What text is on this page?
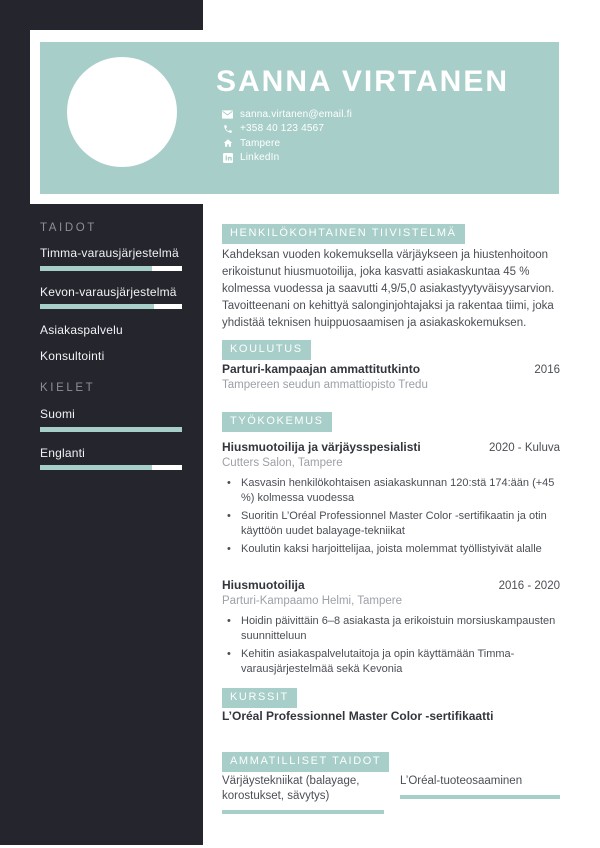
TAIDOT
Timma-varausjärjestelmä
Kevon-varausjärjestelmä
Asiakaspalvelu
Konsultointi
KIELET
Suomi
Englanti
SANNA VIRTANEN
sanna.virtanen@email.fi
+358 40 123 4567
Tampere
LinkedIn
HENKILÖKOHTAINEN TIIVISTELMÄ

Kahdeksan vuoden kokemuksella värjäykseen ja hiustenhoitoon erikoistunut hiusmuotoilija, joka kasvatti asiakaskuntaa 45 % kolmessa vuodessa ja saavutti 4,9/5,0 asiakastyytyväisyysarvion. Tavoitteenani on kehittyä salonginjohtajaksi ja rakentaa tiimi, joka yhdistää teknisen huippuosaamisen ja asiakaskokemuksen.

KOULUTUS
Parturi-kampaajan ammattitutkinto	2016
Tampereen seudun ammattiopisto Tredu
TYÖKOKEMUS
Hiusmuotoilija ja värjäysspesialisti	2020 - Kuluva
Cutters Salon, Tampere
• Kasvasin henkilökohtaisen asiakaskunnan 120:stä 174:ään (+45 %) kolmessa vuodessa
• Suoritin L’Oréal Professionnel Master Color -sertifikaatin ja otin käyttöön uudet balayage-tekniikat
• Koulutin kaksi harjoittelijaa, joista molemmat työllistyivät alalle
Hiusmuotoilija	2016 - 2020
Parturi-Kampaamo Helmi, Tampere
• Hoidin päivittäin 6–8 asiakasta ja erikoistuin morsiuskampausten suunnitteluun
• Kehitin asiakaspalvelutaitoja ja opin käyttämään Timma-varausjärjestelmää sekä Kevonia
KURSSIT
L’Oréal Professionnel Master Color -sertifikaatti
AMMATILLISET TAIDOT
Värjäystekniikat (balayage, korostukset, sävytys)
L’Oréal-tuoteosaaminen
